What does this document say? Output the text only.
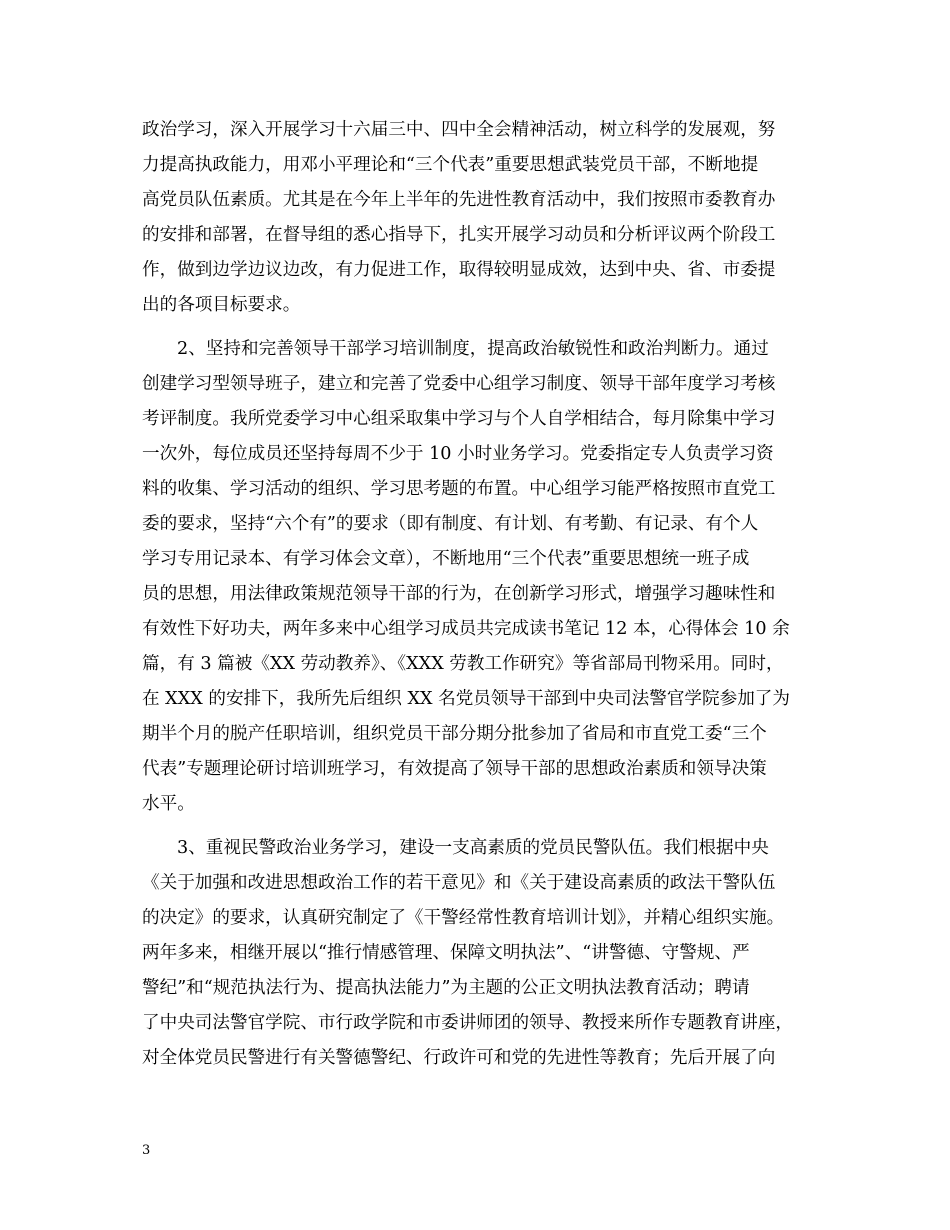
政治学习，深入开展学习十六届三中、四中全会精神活动，树立科学的发展观，努
力提高执政能力，用邓小平理论和“三个代表”重要思想武装党员干部，不断地提
高党员队伍素质。尤其是在今年上半年的先进性教育活动中，我们按照市委教育办
的安排和部署，在督导组的悉心指导下，扎实开展学习动员和分析评议两个阶段工
作，做到边学边议边改，有力促进工作，取得较明显成效，达到中央、省、市委提
出的各项目标要求。
2、坚持和完善领导干部学习培训制度，提高政治敏锐性和政治判断力。通过
创建学习型领导班子，建立和完善了党委中心组学习制度、领导干部年度学习考核
考评制度。我所党委学习中心组采取集中学习与个人自学相结合，每月除集中学习
一次外，每位成员还坚持每周不少于 10 小时业务学习。党委指定专人负责学习资
料的收集、学习活动的组织、学习思考题的布置。中心组学习能严格按照市直党工
委的要求，坚持“六个有”的要求（即有制度、有计划、有考勤、有记录、有个人
学习专用记录本、有学习体会文章），不断地用“三个代表”重要思想统一班子成
员的思想，用法律政策规范领导干部的行为，在创新学习形式，增强学习趣味性和
有效性下好功夫，两年多来中心组学习成员共完成读书笔记 12 本，心得体会 10 余
篇，有 3 篇被《XX 劳动教养》、《XXX 劳教工作研究》等省部局刊物采用。同时，
在 XXX 的安排下，我所先后组织 XX 名党员领导干部到中央司法警官学院参加了为
期半个月的脱产任职培训，组织党员干部分期分批参加了省局和市直党工委“三个
代表”专题理论研讨培训班学习，有效提高了领导干部的思想政治素质和领导决策
水平。
3、重视民警政治业务学习，建设一支高素质的党员民警队伍。我们根据中央
《关于加强和改进思想政治工作的若干意见》和《关于建设高素质的政法干警队伍
的决定》的要求，认真研究制定了《干警经常性教育培训计划》，并精心组织实施。
两年多来，相继开展以“推行情感管理、保障文明执法”、“讲警德、守警规、严
警纪”和“规范执法行为、提高执法能力”为主题的公正文明执法教育活动；聘请
了中央司法警官学院、市行政学院和市委讲师团的领导、教授来所作专题教育讲座，
对全体党员民警进行有关警德警纪、行政许可和党的先进性等教育；先后开展了向
3
